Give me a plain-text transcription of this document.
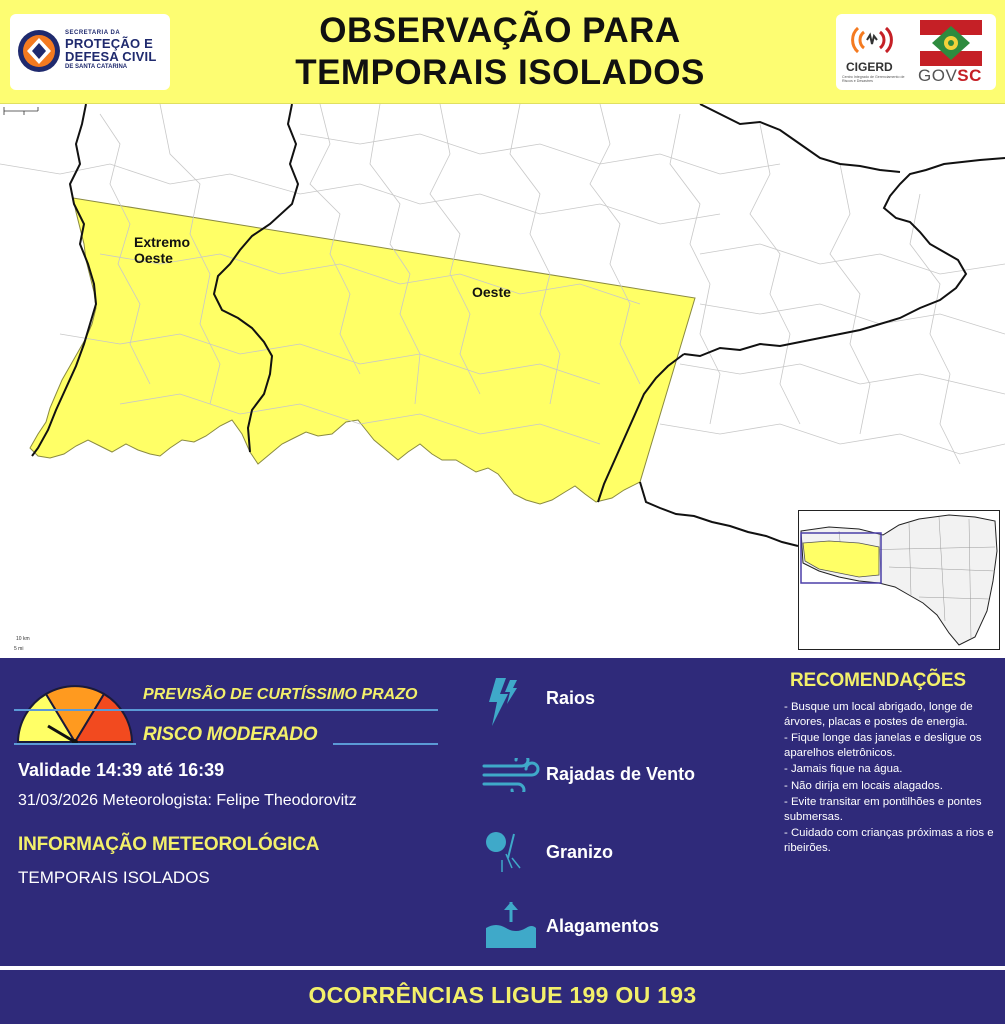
SECRETARIA DA
PROTEÇÃO E
DEFESA CIVIL
DE SANTA CATARINA
OBSERVAÇÃO PARA
TEMPORAIS ISOLADOS	CIGERD
Centro Integrado de Gerenciamento de Riscos e Desastres	GOVSC
Extremo
Oeste
Oeste
10 km
5 mi
PREVISÃO DE CURTÍSSIMO PRAZO
RISCO MODERADO
Validade 14:39 até 16:39
31/03/2026 Meteorologista: Felipe Theodorovitz
INFORMAÇÃO METEOROLÓGICA
TEMPORAIS ISOLADOS
Raios
Rajadas de Vento
Granizo
Alagamentos
RECOMENDAÇÕES
- Busque um local abrigado, longe de árvores, placas e postes de energia.
- Fique longe das janelas e desligue os aparelhos eletrônicos.
- Jamais fique na água.
- Não dirija em locais alagados.
- Evite transitar em pontilhões e pontes submersas.
- Cuidado com crianças próximas a rios e ribeirões.
OCORRÊNCIAS LIGUE 199 OU 193
